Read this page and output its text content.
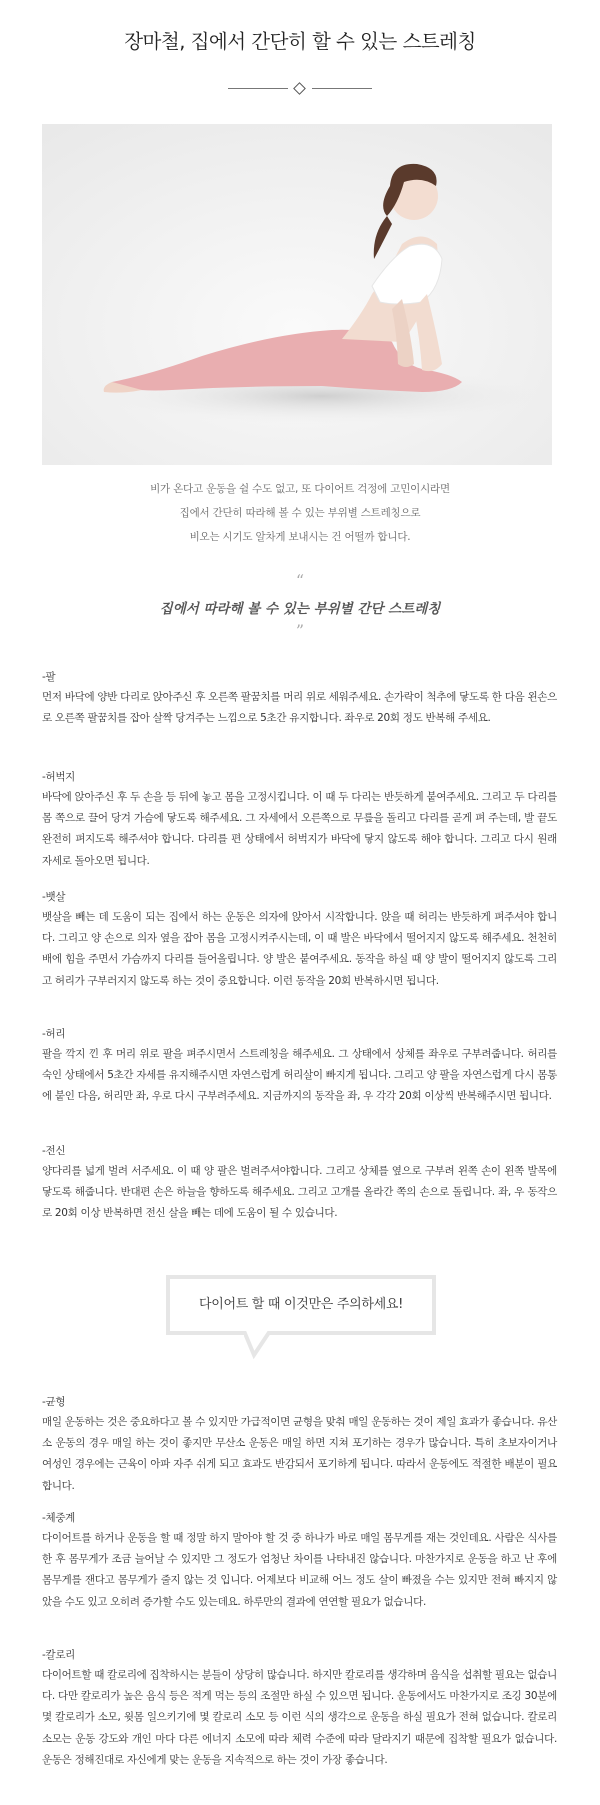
장마철, 집에서 간단히 할 수 있는 스트레칭
비가 온다고 운동을 쉴 수도 없고, 또 다이어트 걱정에 고민이시라면
집에서 간단히 따라해 볼 수 있는 부위별 스트레칭으로
비오는 시기도 알차게 보내시는 건 어떨까 합니다.
“
집에서 따라해 볼 수 있는 부위별 간단 스트레칭
”
-팔
먼저 바닥에 양반 다리로 앉아주신 후 오른쪽 팔꿈치를 머리 위로 세워주세요. 손가락이 척추에 닿도록 한 다음 왼손으로 오른쪽 팔꿈치를 잡아 살짝 당겨주는 느낌으로 5초간 유지합니다. 좌우로 20회 정도 반복해 주세요.
-허벅지
바닥에 앉아주신 후 두 손을 등 뒤에 놓고 몸을 고정시킵니다. 이 때 두 다리는 반듯하게 붙여주세요. 그리고 두 다리를 몸 쪽으로 끌어 당겨 가슴에 닿도록 해주세요. 그 자세에서 오른쪽으로 무릎을 돌리고 다리를 곧게 펴 주는데, 발 끝도 완전히 펴지도록 해주셔야 합니다. 다리를 편 상태에서 허벅지가 바닥에 닿지 않도록 해야 합니다. 그리고 다시 원래 자세로 돌아오면 됩니다.
-뱃살
뱃살을 빼는 데 도움이 되는 집에서 하는 운동은 의자에 앉아서 시작합니다. 앉을 때 허리는 반듯하게 펴주셔야 합니다. 그리고 양 손으로 의자 옆을 잡아 몸을 고정시켜주시는데, 이 때 발은 바닥에서 떨어지지 않도록 해주세요. 천천히 배에 힘을 주면서 가슴까지 다리를 들어올립니다. 양 발은 붙여주세요. 동작을 하실 때 양 발이 떨어지지 않도록 그리고 허리가 구부러지지 않도록 하는 것이 중요합니다. 이런 동작을 20회 반복하시면 됩니다.
-허리
팔을 깍지 낀 후 머리 위로 팔을 펴주시면서 스트레칭을 해주세요. 그 상태에서 상체를 좌우로 구부려줍니다. 허리를 숙인 상태에서 5초간 자세를 유지해주시면 자연스럽게 허리살이 빠지게 됩니다. 그리고 양 팔을 자연스럽게 다시 몸통에 붙인 다음, 허리만 좌, 우로 다시 구부려주세요. 지금까지의 동작을 좌, 우 각각 20회 이상씩 반복해주시면 됩니다.
-전신
양다리를 넓게 벌려 서주세요. 이 때 양 팔은 벌려주셔야합니다. 그리고 상체를 옆으로 구부려 왼쪽 손이 왼쪽 발목에 닿도록 해줍니다. 반대편 손은 하늘을 향하도록 해주세요. 그리고 고개를 올라간 쪽의 손으로 돌립니다. 좌, 우 동작으로 20회 이상 반복하면 전신 살을 빼는 데에 도움이 될 수 있습니다.
다이어트 할 때 이것만은 주의하세요!
-균형
매일 운동하는 것은 중요하다고 볼 수 있지만 가급적이면 균형을 맞춰 매일 운동하는 것이 제일 효과가 좋습니다. 유산소 운동의 경우 매일 하는 것이 좋지만 무산소 운동은 매일 하면 지쳐 포기하는 경우가 많습니다. 특히 초보자이거나 여성인 경우에는 근육이 아파 자주 쉬게 되고 효과도 반감되서 포기하게 됩니다. 따라서 운동에도 적절한 배분이 필요합니다.
-체중계
다이어트를 하거나 운동을 할 때 정말 하지 말아야 할 것 중 하나가 바로 매일 몸무게를 재는 것인데요. 사람은 식사를 한 후 몸무게가 조금 늘어날 수 있지만 그 정도가 엄청난 차이를 나타내진 않습니다. 마찬가지로 운동을 하고 난 후에 몸무게를 잰다고 몸무게가 줄지 않는 것 입니다. 어제보다 비교해 어느 정도 살이 빠졌을 수는 있지만 전혀 빠지지 않았을 수도 있고 오히려 증가할 수도 있는데요. 하루만의 결과에 연연할 필요가 없습니다.
-칼로리
다이어트할 때 칼로리에 집착하시는 분들이 상당히 많습니다. 하지만 칼로리를 생각하며 음식을 섭취할 필요는 없습니다. 다만 칼로리가 높은 음식 등은 적게 먹는 등의 조절만 하실 수 있으면 됩니다. 운동에서도 마찬가지로 조깅 30분에 몇 칼로리가 소모, 윗몸 일으키기에 몇 칼로리 소모 등 이런 식의 생각으로 운동을 하실 필요가 전혀 없습니다. 칼로리 소모는 운동 강도와 개인 마다 다른 에너지 소모에 따라 체력 수준에 따라 달라지기 때문에 집착할 필요가 없습니다. 운동은 정해진대로 자신에게 맞는 운동을 지속적으로 하는 것이 가장 좋습니다.
